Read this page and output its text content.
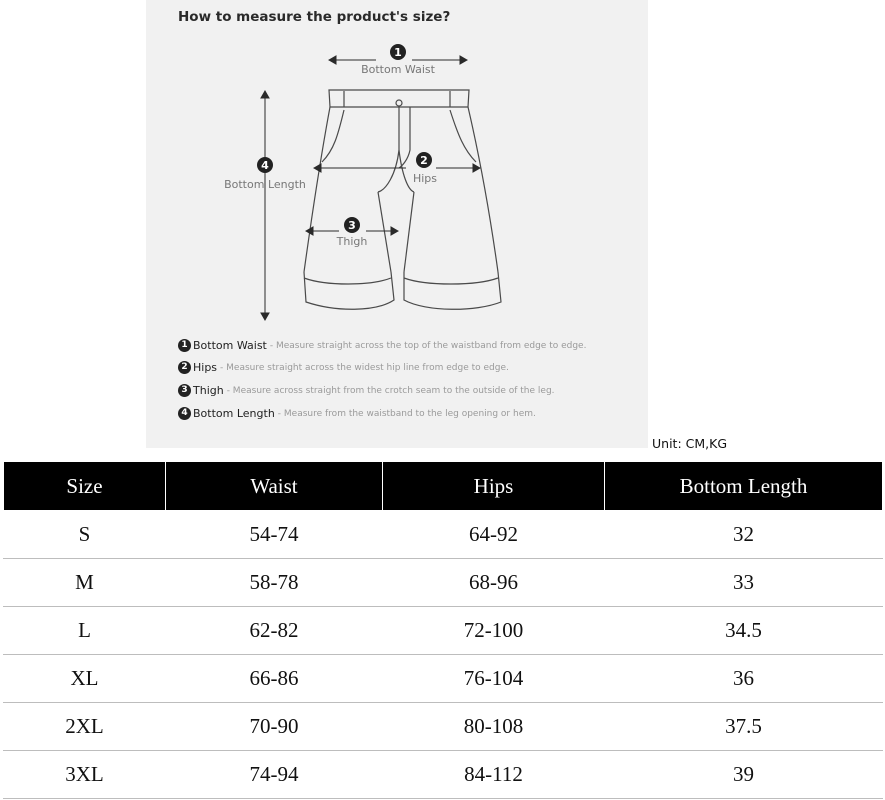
How to measure the product's size?
1
2
3
4
Bottom Waist
Hips
Thigh
Bottom Length
1 Bottom Waist - Measure straight across the top of the waistband from edge to edge.
2 Hips - Measure straight across the widest hip line from edge to edge.
3 Thigh - Measure across straight from the crotch seam to the outside of the leg.
4 Bottom Length - Measure from the waistband to the leg opening or hem.
Unit: CM,KG
Size	Waist	Hips	Bottom Length
S	54-74	64-92	32
M	58-78	68-96	33
L	62-82	72-100	34.5
XL	66-86	76-104	36
2XL	70-90	80-108	37.5
3XL	74-94	84-112	39
